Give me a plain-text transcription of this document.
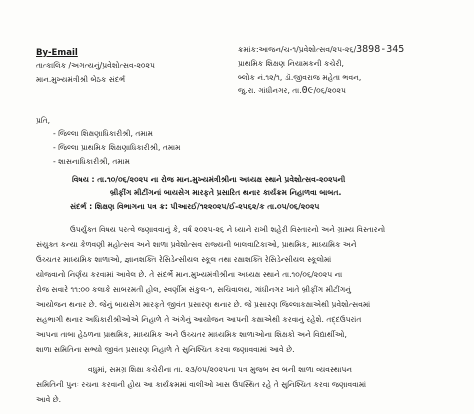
By-Email
તાત્કાલિક /અગત્યનું/પ્રવેશોત્સવ-૨૦૨૫
માન.મુખ્યમંત્રીશ્રી બેઠક સંદર્ભ
ક્રમાંક:આજન/ચ-૧/પ્રવેશોત્સવ/૨૫-૨૬/3898-345
પ્રાથમિક શિક્ષણ નિયામકની કચેરી,
બ્લોક નં.૧૨/૧, ડૉ.જીવરાજ મહેતા ભવન,
જુ.રા. ગાંધીનગર, તા.0૯/૦૬/૨૦૨૫
પ્રતિ,
- જિલ્લા શિક્ષણાધિકારીશ્રી, તમામ
- જિલ્લા પ્રાથમિક શિક્ષણાધિકારીશ્રી, તમામ
- શાસનાધિકારીશ્રી, તમામ
વિષય : તા.૧૦/૦૬/૨૦૨૫ ના રોજ માન.મુખ્યમંત્રીશ્રીના અધ્યક્ષ સ્થાને પ્રવેશોત્સવ-૨૦૨૫ની
બ્રીફીંગ મીટીંગનાં બાયસેગ મારફતે પ્રસારિત થનાર કાર્યક્રમ નિહાળવા બાબત.
સંદર્ભ : શિક્ષણ વિભાગના પત્ર ક્ર: પીઆરઈ/૧૨૨૦૨૫/ઈ-૨૫૬૨/ક તા.૦૫/૦૬/૨૦૨૫
ઉપર્યુક્ત વિષય પરત્વે જણાવવાનું કે, વર્ષ ૨૦૨૫-૨૬ ને ધ્યાને રાખી શહેરી વિસ્તારનો અને ગ્રામ્ય વિસ્તારનો
સંયુક્ત કન્યા કેળવણી મહોત્સવ અને શાળા પ્રવેશોત્સવ રાજ્યની બાલવાટિકાઓ, પ્રાથમિક, માધ્યમિક અને
ઉચ્ચતર માધ્યમિક શાળાઓ, જ્ઞાનશક્તિ રેસિડેન્સીયલ સ્કૂલ તથા રક્ષાશક્તિ રેસિડેન્સીયલ સ્કૂલોમાં
યોજવાનો નિર્ણય કરવામાં આવેલ છે. તે સંદર્ભે માન.મુખ્યમંત્રીશ્રીના અધ્યક્ષ સ્થાને તા.૧૦/૦૬/૨૦૨૫ ના
રોજ સવારે ૧૧:૦૦ કલાકે સાબરમતી હોલ, સ્વર્ણીમ સંકુલ-૧, સચિવાલય, ગાંધીનગર ખાતે બ્રીફીંગ મીટીંગનું
આયોજન થનાર છે. જેનું બાયસેગ મારફતે જીવંત પ્રસારણ થનાર છે. જે પ્રસારણ જિલ્લાકક્ષાએથી પ્રવેશોત્સવમાં
સહભાગી થનાર અધિકારીશ્રીઓએ નિહાળે તે અંગેનું આયોજન આપની કક્ષાએથી કરવાનું રહેશે. તદ્દઉપરાંત
આપના તાબા હેઠળના પ્રાથમિક, માધ્યમિક અને ઉચ્ચતર માધ્યમિક શાળાઓના શિક્ષકો અને વિદ્યાર્થીઓ,
શાળા સમિતિના સભ્યો જીવંત પ્રસારણ નિહાળે તે સુનિશ્ચિત કરવા જણાવવામાં આવે છે.
વધુમાં, સમગ્ર શિક્ષા કચેરીના તા. ૨૩/૦૫/૨૦૨૫ના પત્ર મુજબ સ્વ બની શાળા વ્યવસ્થાપન
સમિતિની પુનઃ રચના કરવાની હોય આ કાર્યક્રમમાં વાલીઓ ખાસ ઉપસ્થિત રહે તે સુનિશ્ચિત કરવા જણાવવામાં
આવે છે.
